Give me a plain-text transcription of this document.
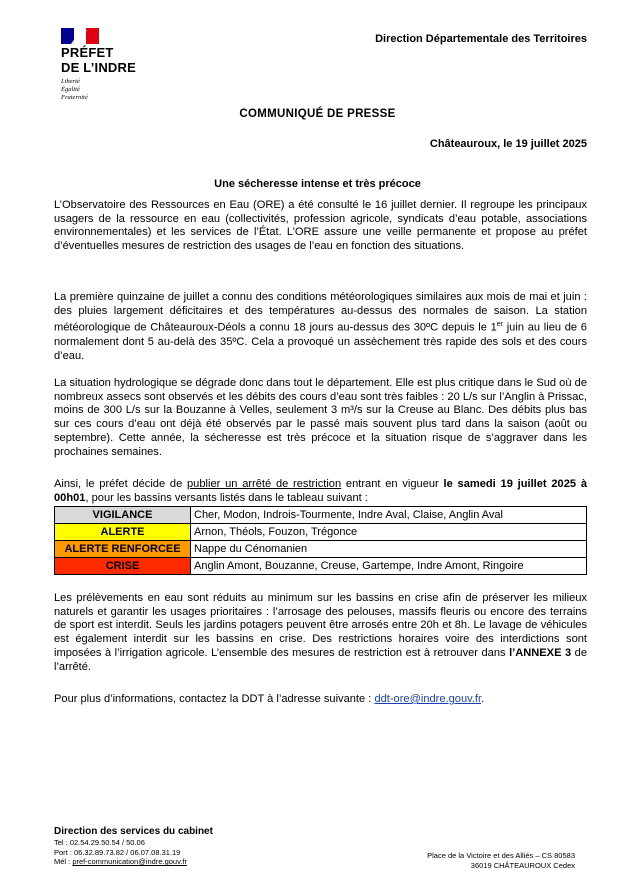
PRÉFET
DE L’INDRE
Liberté
Égalité
Fraternité
Direction Départementale des Territoires
COMMUNIQUÉ DE PRESSE
Châteauroux, le 19 juillet 2025
Une sécheresse intense et très précoce
L’Observatoire des Ressources en Eau (ORE) a été consulté le 16 juillet dernier. Il regroupe les principaux usagers de la ressource en eau (collectivités, profession agricole, syndicats d’eau potable, associations environnementales) et les services de l’État. L’ORE assure une veille permanente et propose au préfet d’éventuelles mesures de restriction des usages de l’eau en fonction des situations.
La première quinzaine de juillet a connu des conditions météorologiques similaires aux mois de mai et juin : des pluies largement déficitaires et des températures au-dessus des normales de saison. La station météorologique de Châteauroux-Déols a connu 18 jours au-dessus des 30ºC depuis le 1er juin au lieu de 6 normalement dont 5 au-delà des 35ºC. Cela a provoqué un assèchement très rapide des sols et des cours d’eau.
La situation hydrologique se dégrade donc dans tout le département. Elle est plus critique dans le Sud où de nombreux assecs sont observés et les débits des cours d’eau sont très faibles : 20 L/s sur l’Anglin à Prissac, moins de 300 L/s sur la Bouzanne à Velles, seulement 3 m³/s sur la Creuse au Blanc. Des débits plus bas sur ces cours d’eau ont déjà été observés par le passé mais souvent plus tard dans la saison (août ou septembre). Cette année, la sécheresse est très précoce et la situation risque de s’aggraver dans les prochaines semaines.
Ainsi, le préfet décide de publier un arrêté de restriction entrant en vigueur le samedi 19 juillet 2025 à 00h01, pour les bassins versants listés dans le tableau suivant :
VIGILANCE	Cher, Modon, Indrois-Tourmente, Indre Aval, Claise, Anglin Aval
ALERTE	Arnon, Théols, Fouzon, Trégonce
ALERTE RENFORCEE	Nappe du Cénomanien
CRISE	Anglin Amont, Bouzanne, Creuse, Gartempe, Indre Amont, Ringoire
Les prélèvements en eau sont réduits au minimum sur les bassins en crise afin de préserver les milieux naturels et garantir les usages prioritaires : l’arrosage des pelouses, massifs fleuris ou encore des terrains de sport est interdit. Seuls les jardins potagers peuvent être arrosés entre 20h et 8h. Le lavage de véhicules est également interdit sur les bassins en crise. Des restrictions horaires voire des interdictions sont imposées à l’irrigation agricole. L’ensemble des mesures de restriction est à retrouver dans l’ANNEXE 3 de l’arrêté.
Pour plus d’informations, contactez la DDT à l’adresse suivante : ddt-ore@indre.gouv.fr.
Direction des services du cabinet
Tel : 02.54.29.50.54 / 50.06
Port : 06.32.89.73.82 / 06.07.08.31.19
Mél : pref-communication@indre.gouv.fr
Place de la Victoire et des Alliés – CS 80583
36019 CHÂTEAUROUX Cedex
